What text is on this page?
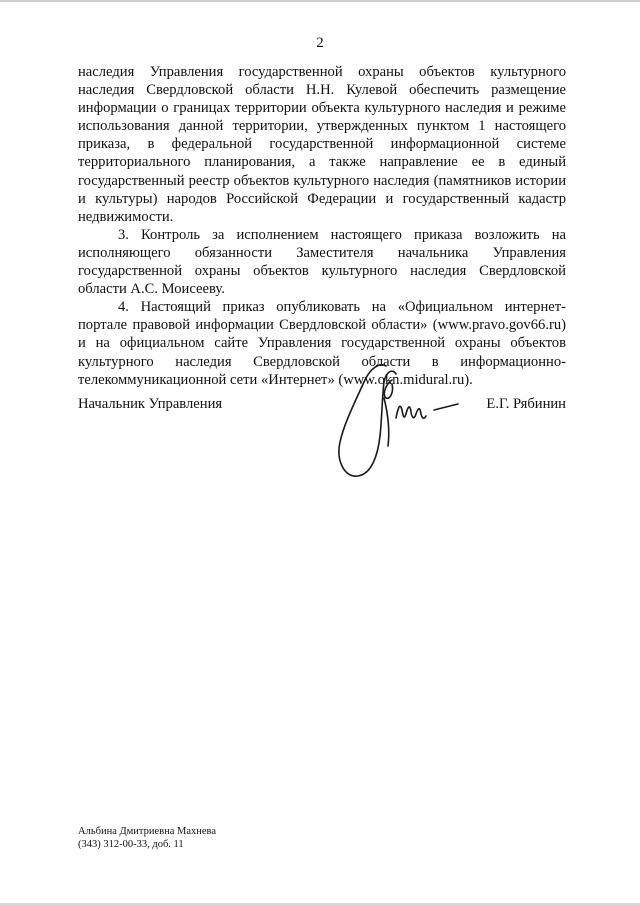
2

наследия Управления государственной охраны объектов культурного наследия Свердловской области Н.Н. Кулевой обеспечить размещение информации о границах территории объекта культурного наследия и режиме использования данной территории, утвержденных пунктом 1 настоящего приказа, в федеральной государственной информационной системе территориального планирования, а также направление ее в единый государственный реестр объектов культурного наследия (памятников истории и культуры) народов Российской Федерации и государственный кадастр недвижимости.

3. Контроль за исполнением настоящего приказа возложить на исполняющего обязанности Заместителя начальника Управления государственной охраны объектов культурного наследия Свердловской области А.С. Моисееву.

4. Настоящий приказ опубликовать на «Официальном интернет-портале правовой информации Свердловской области» (www.pravo.gov66.ru) и на официальном сайте Управления государственной охраны объектов культурного наследия Свердловской области в информационно-телекоммуникационной сети «Интернет» (www.okn.midural.ru).

Начальник Управления	Е.Г. Рябинин
Альбина Дмитриевна Махнева
(343) 312-00-33, доб. 11
